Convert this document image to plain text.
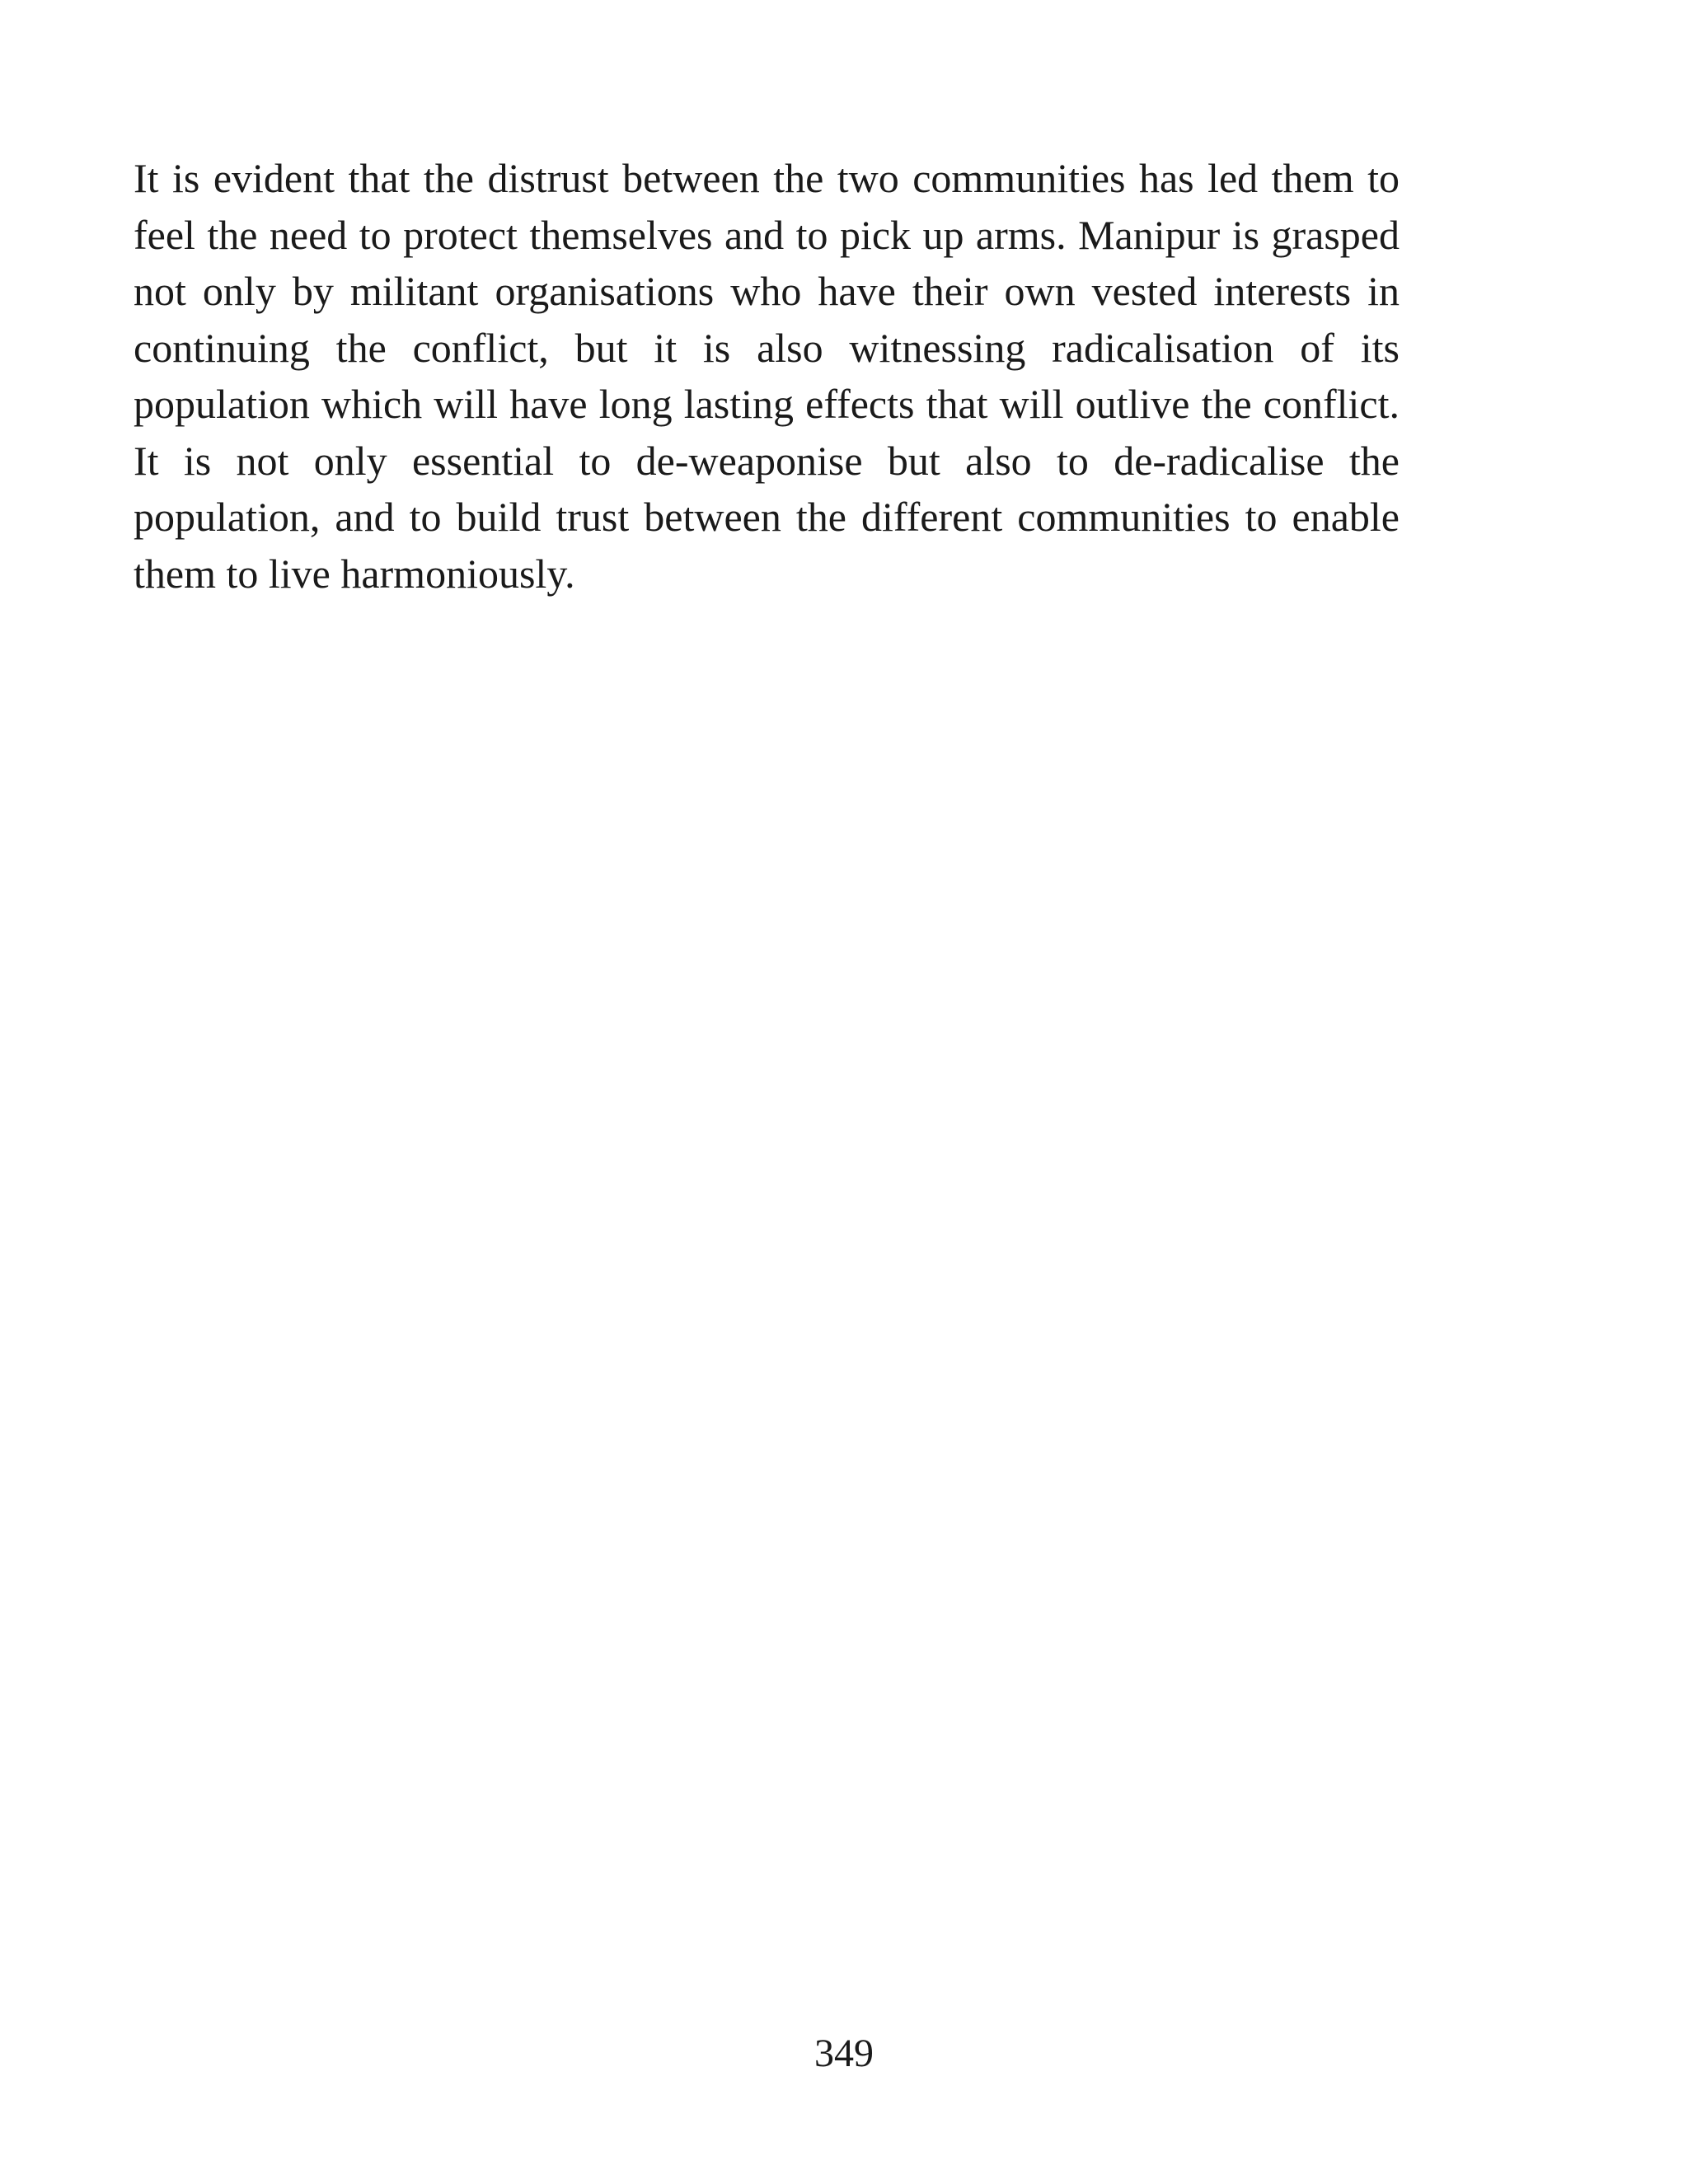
It is evident that the distrust between the two communities has led them to feel the need to protect themselves and to pick up arms. Manipur is grasped not only by militant organisations who have their own vested interests in continuing the conflict, but it is also witnessing radicalisation of its population which will have long lasting effects that will outlive the conflict. It is not only essential to de-weaponise but also to de-radicalise the population, and to build trust between the different communities to enable them to live harmoniously.

349
